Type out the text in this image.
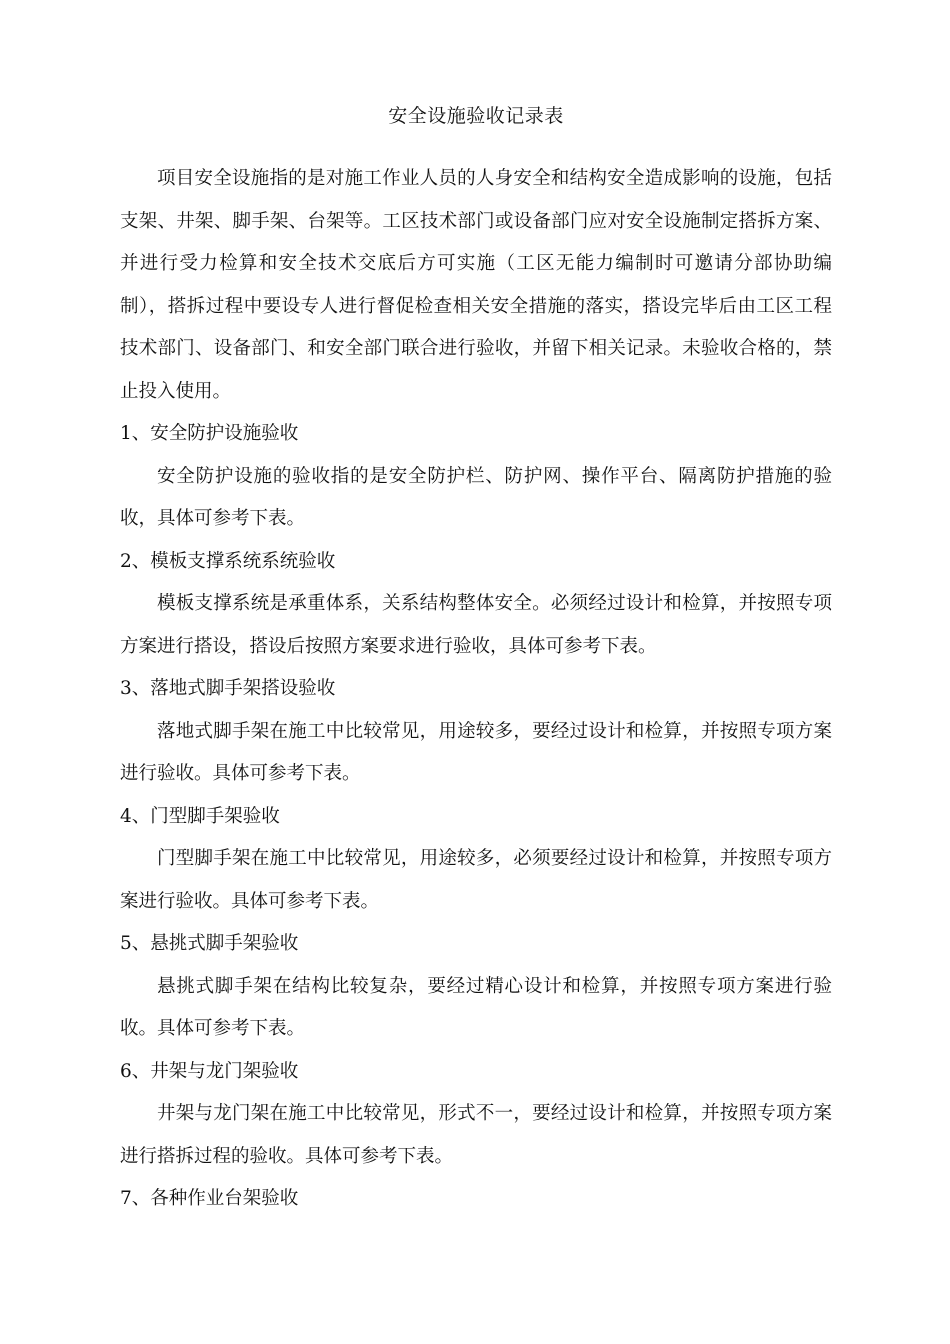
安全设施验收记录表

项目安全设施指的是对施工作业人员的人身安全和结构安全造成影响的设施，包括支架、井架、脚手架、台架等。工区技术部门或设备部门应对安全设施制定搭拆方案、并进行受力检算和安全技术交底后方可实施（工区无能力编制时可邀请分部协助编制），搭拆过程中要设专人进行督促检查相关安全措施的落实，搭设完毕后由工区工程技术部门、设备部门、和安全部门联合进行验收，并留下相关记录。未验收合格的，禁止投入使用。

1、安全防护设施验收

安全防护设施的验收指的是安全防护栏、防护网、操作平台、隔离防护措施的验收，具体可参考下表。

2、模板支撑系统系统验收

模板支撑系统是承重体系，关系结构整体安全。必须经过设计和检算，并按照专项方案进行搭设，搭设后按照方案要求进行验收，具体可参考下表。

3、落地式脚手架搭设验收

落地式脚手架在施工中比较常见，用途较多，要经过设计和检算，并按照专项方案进行验收。具体可参考下表。

4、门型脚手架验收

门型脚手架在施工中比较常见，用途较多，必须要经过设计和检算，并按照专项方案进行验收。具体可参考下表。

5、悬挑式脚手架验收

悬挑式脚手架在结构比较复杂，要经过精心设计和检算，并按照专项方案进行验收。具体可参考下表。

6、井架与龙门架验收

井架与龙门架在施工中比较常见，形式不一，要经过设计和检算，并按照专项方案进行搭拆过程的验收。具体可参考下表。

7、各种作业台架验收
